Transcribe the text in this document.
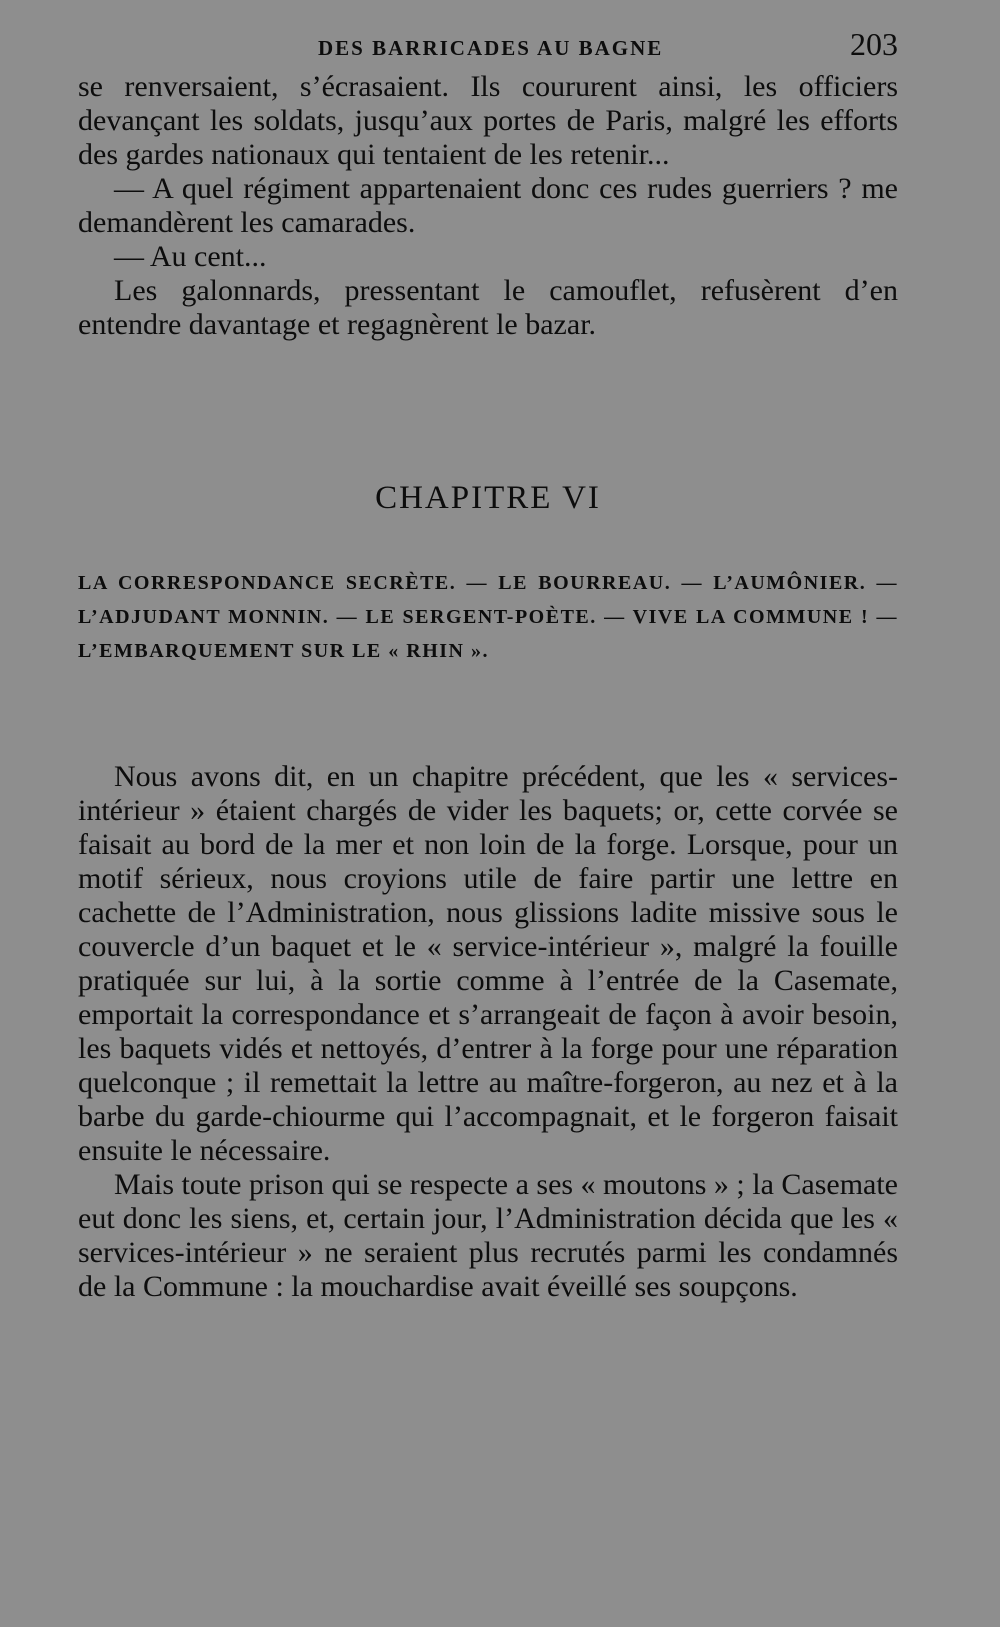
DES BARRICADES AU BAGNE	203

se renversaient, s’écrasaient. Ils coururent ainsi, les officiers devançant les soldats, jusqu’aux portes de Paris, malgré les efforts des gardes nationaux qui tentaient de les retenir...

— A quel régiment appartenaient donc ces rudes guerriers ? me demandèrent les camarades.

— Au cent...

Les galonnards, pressentant le camouflet, refusèrent d’en entendre davantage et regagnèrent le bazar.

CHAPITRE VI
LA CORRESPONDANCE SECRÈTE. — LE BOURREAU. — L’AUMÔNIER. — L’ADJUDANT MONNIN. — LE SERGENT-POÈTE. — VIVE LA COMMUNE ! — L’EMBARQUEMENT SUR LE « RHIN ».

Nous avons dit, en un chapitre précédent, que les « services-intérieur » étaient chargés de vider les baquets; or, cette corvée se faisait au bord de la mer et non loin de la forge. Lorsque, pour un motif sérieux, nous croyions utile de faire partir une lettre en cachette de l’Administration, nous glissions ladite missive sous le couvercle d’un baquet et le « service-intérieur », malgré la fouille pratiquée sur lui, à la sortie comme à l’entrée de la Casemate, emportait la correspondance et s’arrangeait de façon à avoir besoin, les baquets vidés et nettoyés, d’entrer à la forge pour une réparation quelconque ; il remettait la lettre au maître-forgeron, au nez et à la barbe du garde-chiourme qui l’accompagnait, et le forgeron faisait ensuite le nécessaire.

Mais toute prison qui se respecte a ses « moutons » ; la Casemate eut donc les siens, et, certain jour, l’Administration décida que les « services-intérieur » ne seraient plus recrutés parmi les condamnés de la Commune : la mouchardise avait éveillé ses soupçons.
